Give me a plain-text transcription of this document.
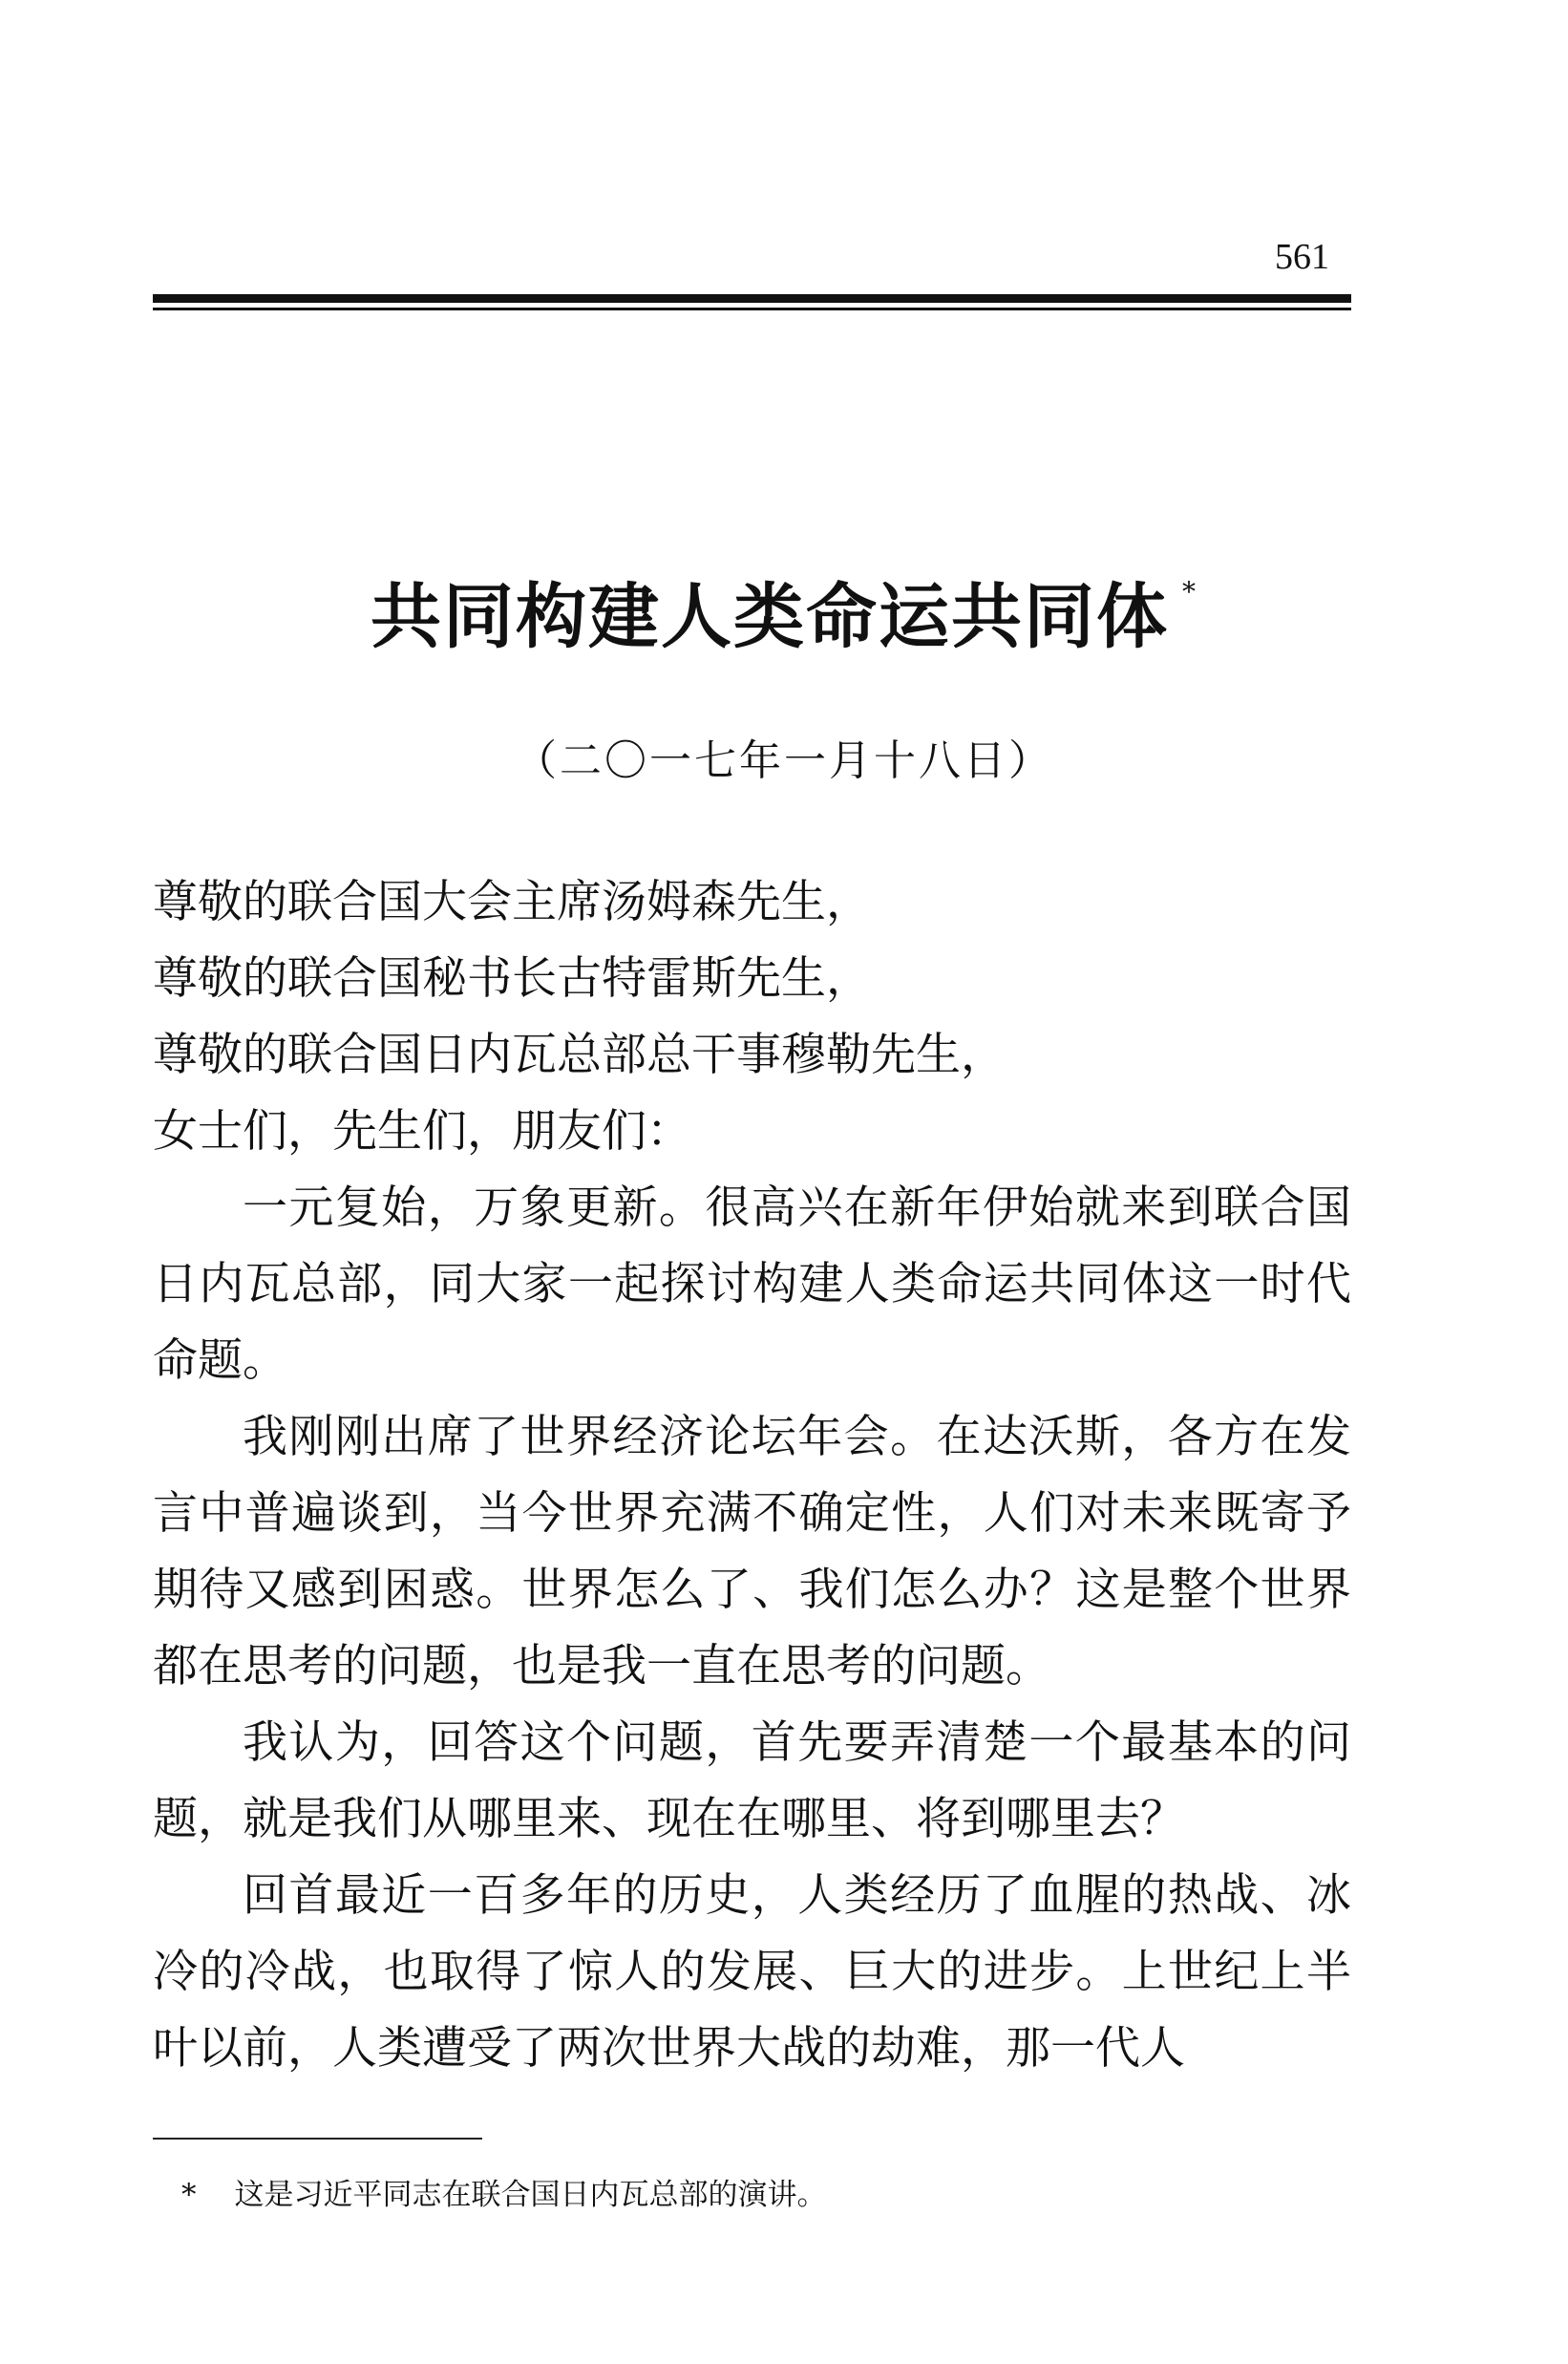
561
共同构建人类命运共同体 *
（二〇一七年一月十八日）
尊敬的联合国大会主席汤姆森先生，
尊敬的联合国秘书长古特雷斯先生，
尊敬的联合国日内瓦总部总干事穆勒先生，
女士们，先生们，朋友们：

一元复始，万象更新。很高兴在新年伊始就来到联合国日内瓦总部，同大家一起探讨构建人类命运共同体这一时代命题。

我刚刚出席了世界经济论坛年会。在达沃斯，各方在发言中普遍谈到，当今世界充满不确定性，人们对未来既寄予期待又感到困惑。世界怎么了、我们怎么办？这是整个世界都在思考的问题，也是我一直在思考的问题。

我认为，回答这个问题，首先要弄清楚一个最基本的问题，就是我们从哪里来、现在在哪里、将到哪里去？

回首最近一百多年的历史，人类经历了血腥的热战、冰冷的冷战，也取得了惊人的发展、巨大的进步。上世纪上半叶以前，人类遭受了两次世界大战的劫难，那一代人

* 这是习近平同志在联合国日内瓦总部的演讲。
